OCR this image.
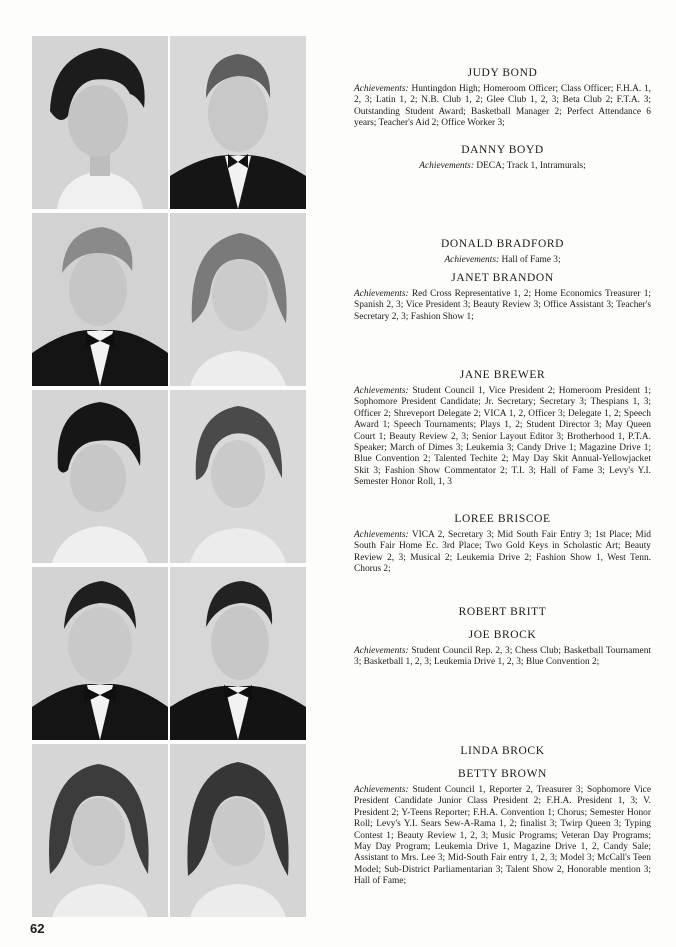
JUDY BOND

Achievements: Huntingdon High; Homeroom Officer; Class Officer; F.H.A. 1, 2, 3; Latin 1, 2; N.B. Club 1, 2; Glee Club 1, 2, 3; Beta Club 2; F.T.A. 3; Outstanding Student Award; Basketball Manager 2; Perfect Attendance 6 years; Teacher's Aid 2; Office Worker 3;

DANNY BOYD

Achievements: DECA; Track 1, Intramurals;

DONALD BRADFORD

Achievements: Hall of Fame 3;

JANET BRANDON

Achievements: Red Cross Representative 1, 2; Home Economics Treasurer 1; Spanish 2, 3; Vice President 3; Beauty Review 3; Office Assistant 3; Teacher's Secretary 2, 3; Fashion Show 1;

JANE BREWER

Achievements: Student Council 1, Vice President 2; Homeroom President 1; Sophomore President Candidate; Jr. Secretary; Secretary 3; Thespians 1, 3; Officer 2; Shreveport Delegate 2; VICA 1, 2, Officer 3; Delegate 1, 2; Speech Award 1; Speech Tournaments; Plays 1, 2; Student Director 3; May Queen Court 1; Beauty Review 2, 3; Senior Layout Editor 3; Brotherhood 1, P.T.A. Speaker; March of Dimes 3; Leukemia 3; Candy Drive 1; Magazine Drive 1; Blue Convention 2; Talented Techite 2; May Day Skit Annual-Yellowjacket Skit 3; Fashion Show Commentator 2; T.I. 3; Hall of Fame 3; Levy's Y.I. Semester Honor Roll, 1, 3

LOREE BRISCOE

Achievements: VICA 2, Secretary 3; Mid South Fair Entry 3; 1st Place; Mid South Fair Home Ec. 3rd Place; Two Gold Keys in Scholastic Art; Beauty Review 2, 3; Musical 2; Leukemia Drive 2; Fashion Show 1, West Tenn. Chorus 2;

ROBERT BRITT

JOE BROCK

Achievements: Student Council Rep. 2, 3; Chess Club; Basketball Tournament 3; Basketball 1, 2, 3; Leukemia Drive 1, 2, 3; Blue Convention 2;

LINDA BROCK

BETTY BROWN

Achievements: Student Council 1, Reporter 2, Treasurer 3; Sophomore Vice President Candidate Junior Class President 2; F.H.A. President 1, 3; V. President 2; Y-Teens Reporter; F.H.A. Convention 1; Chorus; Semester Honor Roll; Levy's Y.I. Sears Sew-A-Rama 1, 2; finalist 3; Twirp Queen 3; Typing Contest 1; Beauty Review 1, 2, 3; Music Programs; Veteran Day Programs; May Day Program; Leukemia Drive 1, Magazine Drive 1, 2, Candy Sale; Assistant to Mrs. Lee 3; Mid-South Fair entry 1, 2, 3; Model 3; McCall's Teen Model; Sub-District Parliamentarian 3; Talent Show 2, Honorable mention 3; Hall of Fame;

62
